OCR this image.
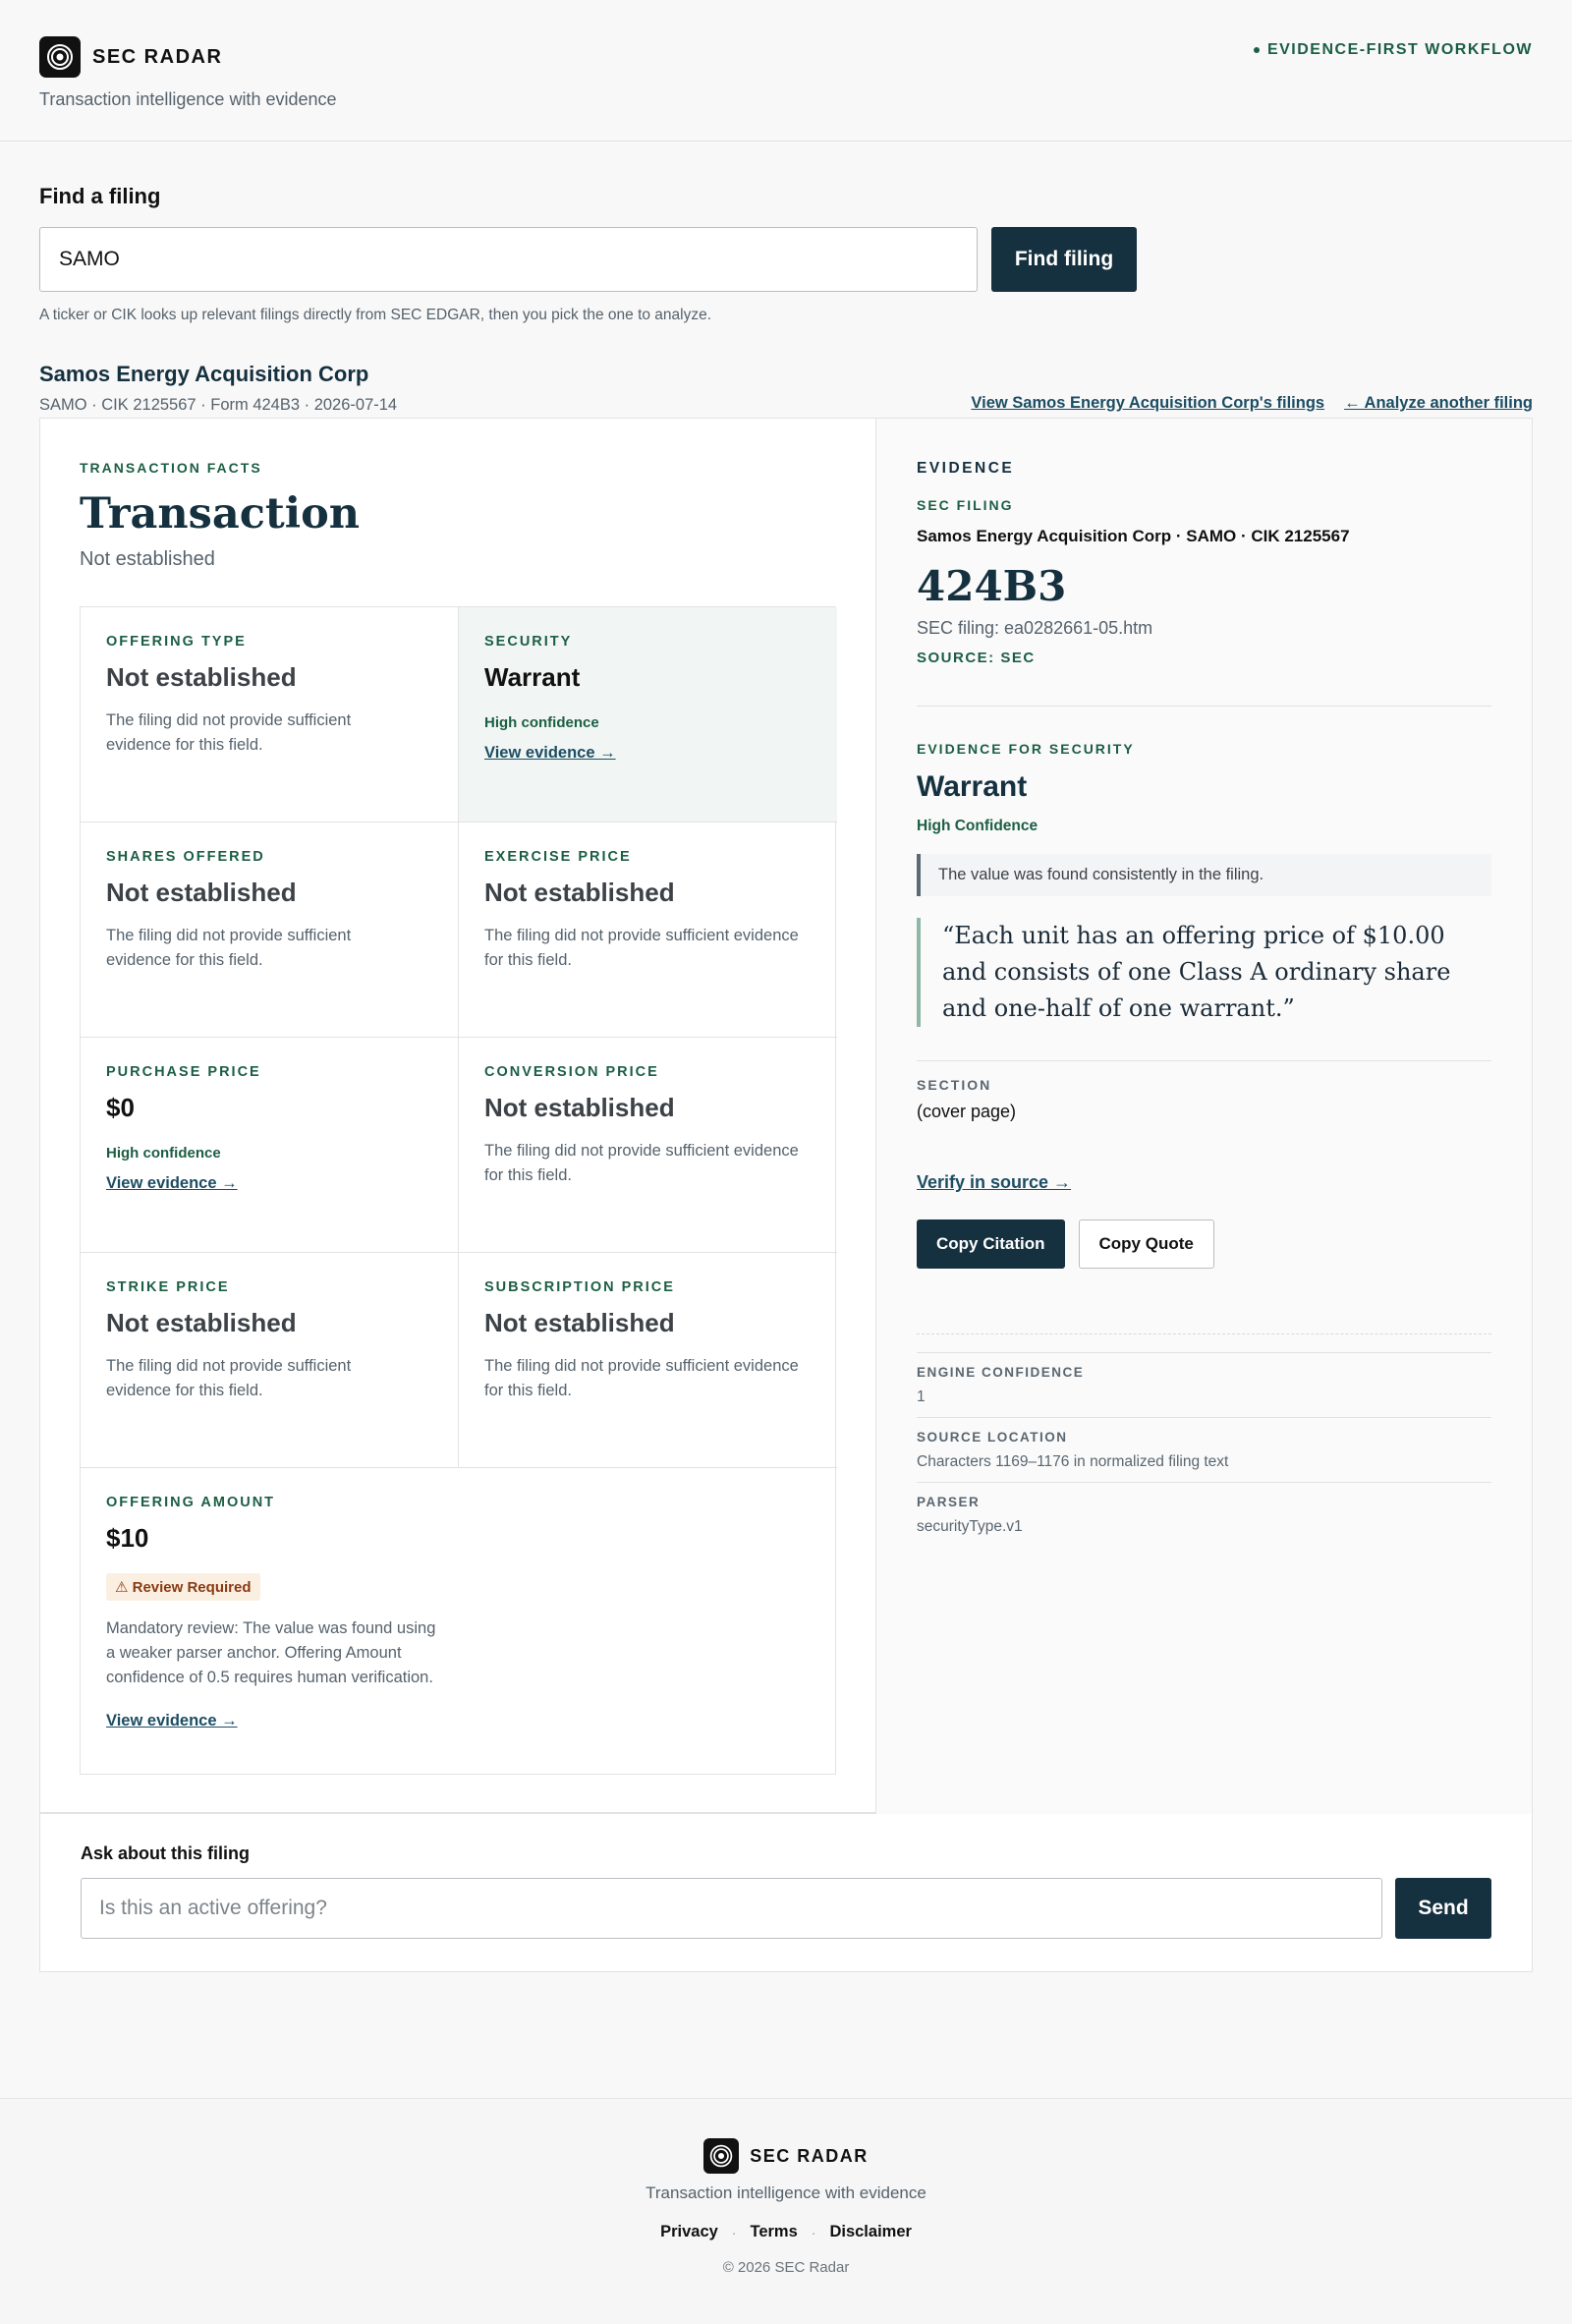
SEC RADAR
Transaction intelligence with evidence
EVIDENCE-FIRST WORKFLOW
Find a filing
SAMO
Find filing

A ticker or CIK looks up relevant filings directly from SEC EDGAR, then you pick the one to analyze.

Samos Energy Acquisition Corp
SAMO · CIK 2125567 · Form 424B3 · 2026-07-14	View Samos Energy Acquisition Corp's filings ← Analyze another filing
TRANSACTION FACTS
Transaction
Not established
OFFERING TYPE
Not established
The filing did not provide sufficient evidence for this field.
SECURITY
Warrant
High confidence
View evidence →
SHARES OFFERED
Not established
The filing did not provide sufficient evidence for this field.
EXERCISE PRICE
Not established
The filing did not provide sufficient evidence for this field.
PURCHASE PRICE
$0
High confidence
View evidence →
CONVERSION PRICE
Not established
The filing did not provide sufficient evidence for this field.
STRIKE PRICE
Not established
The filing did not provide sufficient evidence for this field.
SUBSCRIPTION PRICE
Not established
The filing did not provide sufficient evidence for this field.
OFFERING AMOUNT
$10
⚠ Review Required
Mandatory review: The value was found using a weaker parser anchor. Offering Amount confidence of 0.5 requires human verification.
View evidence →
EVIDENCE
SEC FILING
Samos Energy Acquisition Corp · SAMO · CIK 2125567
424B3
SEC filing: ea0282661-05.htm
SOURCE: SEC
EVIDENCE FOR SECURITY
Warrant
High Confidence
The value was found consistently in the filing.
“Each unit has an offering price of $10.00 and consists of one Class A ordinary share and one-half of one warrant.”
SECTION
(cover page)
Verify in source →
Copy Citation	Copy Quote
ENGINE CONFIDENCE
1
SOURCE LOCATION
Characters 1169–1176 in normalized filing text
PARSER
securityType.v1
Ask about this filing
Is this an active offering?
Send
SEC RADAR
Transaction intelligence with evidence
Privacy · Terms · Disclaimer
© 2026 SEC Radar
